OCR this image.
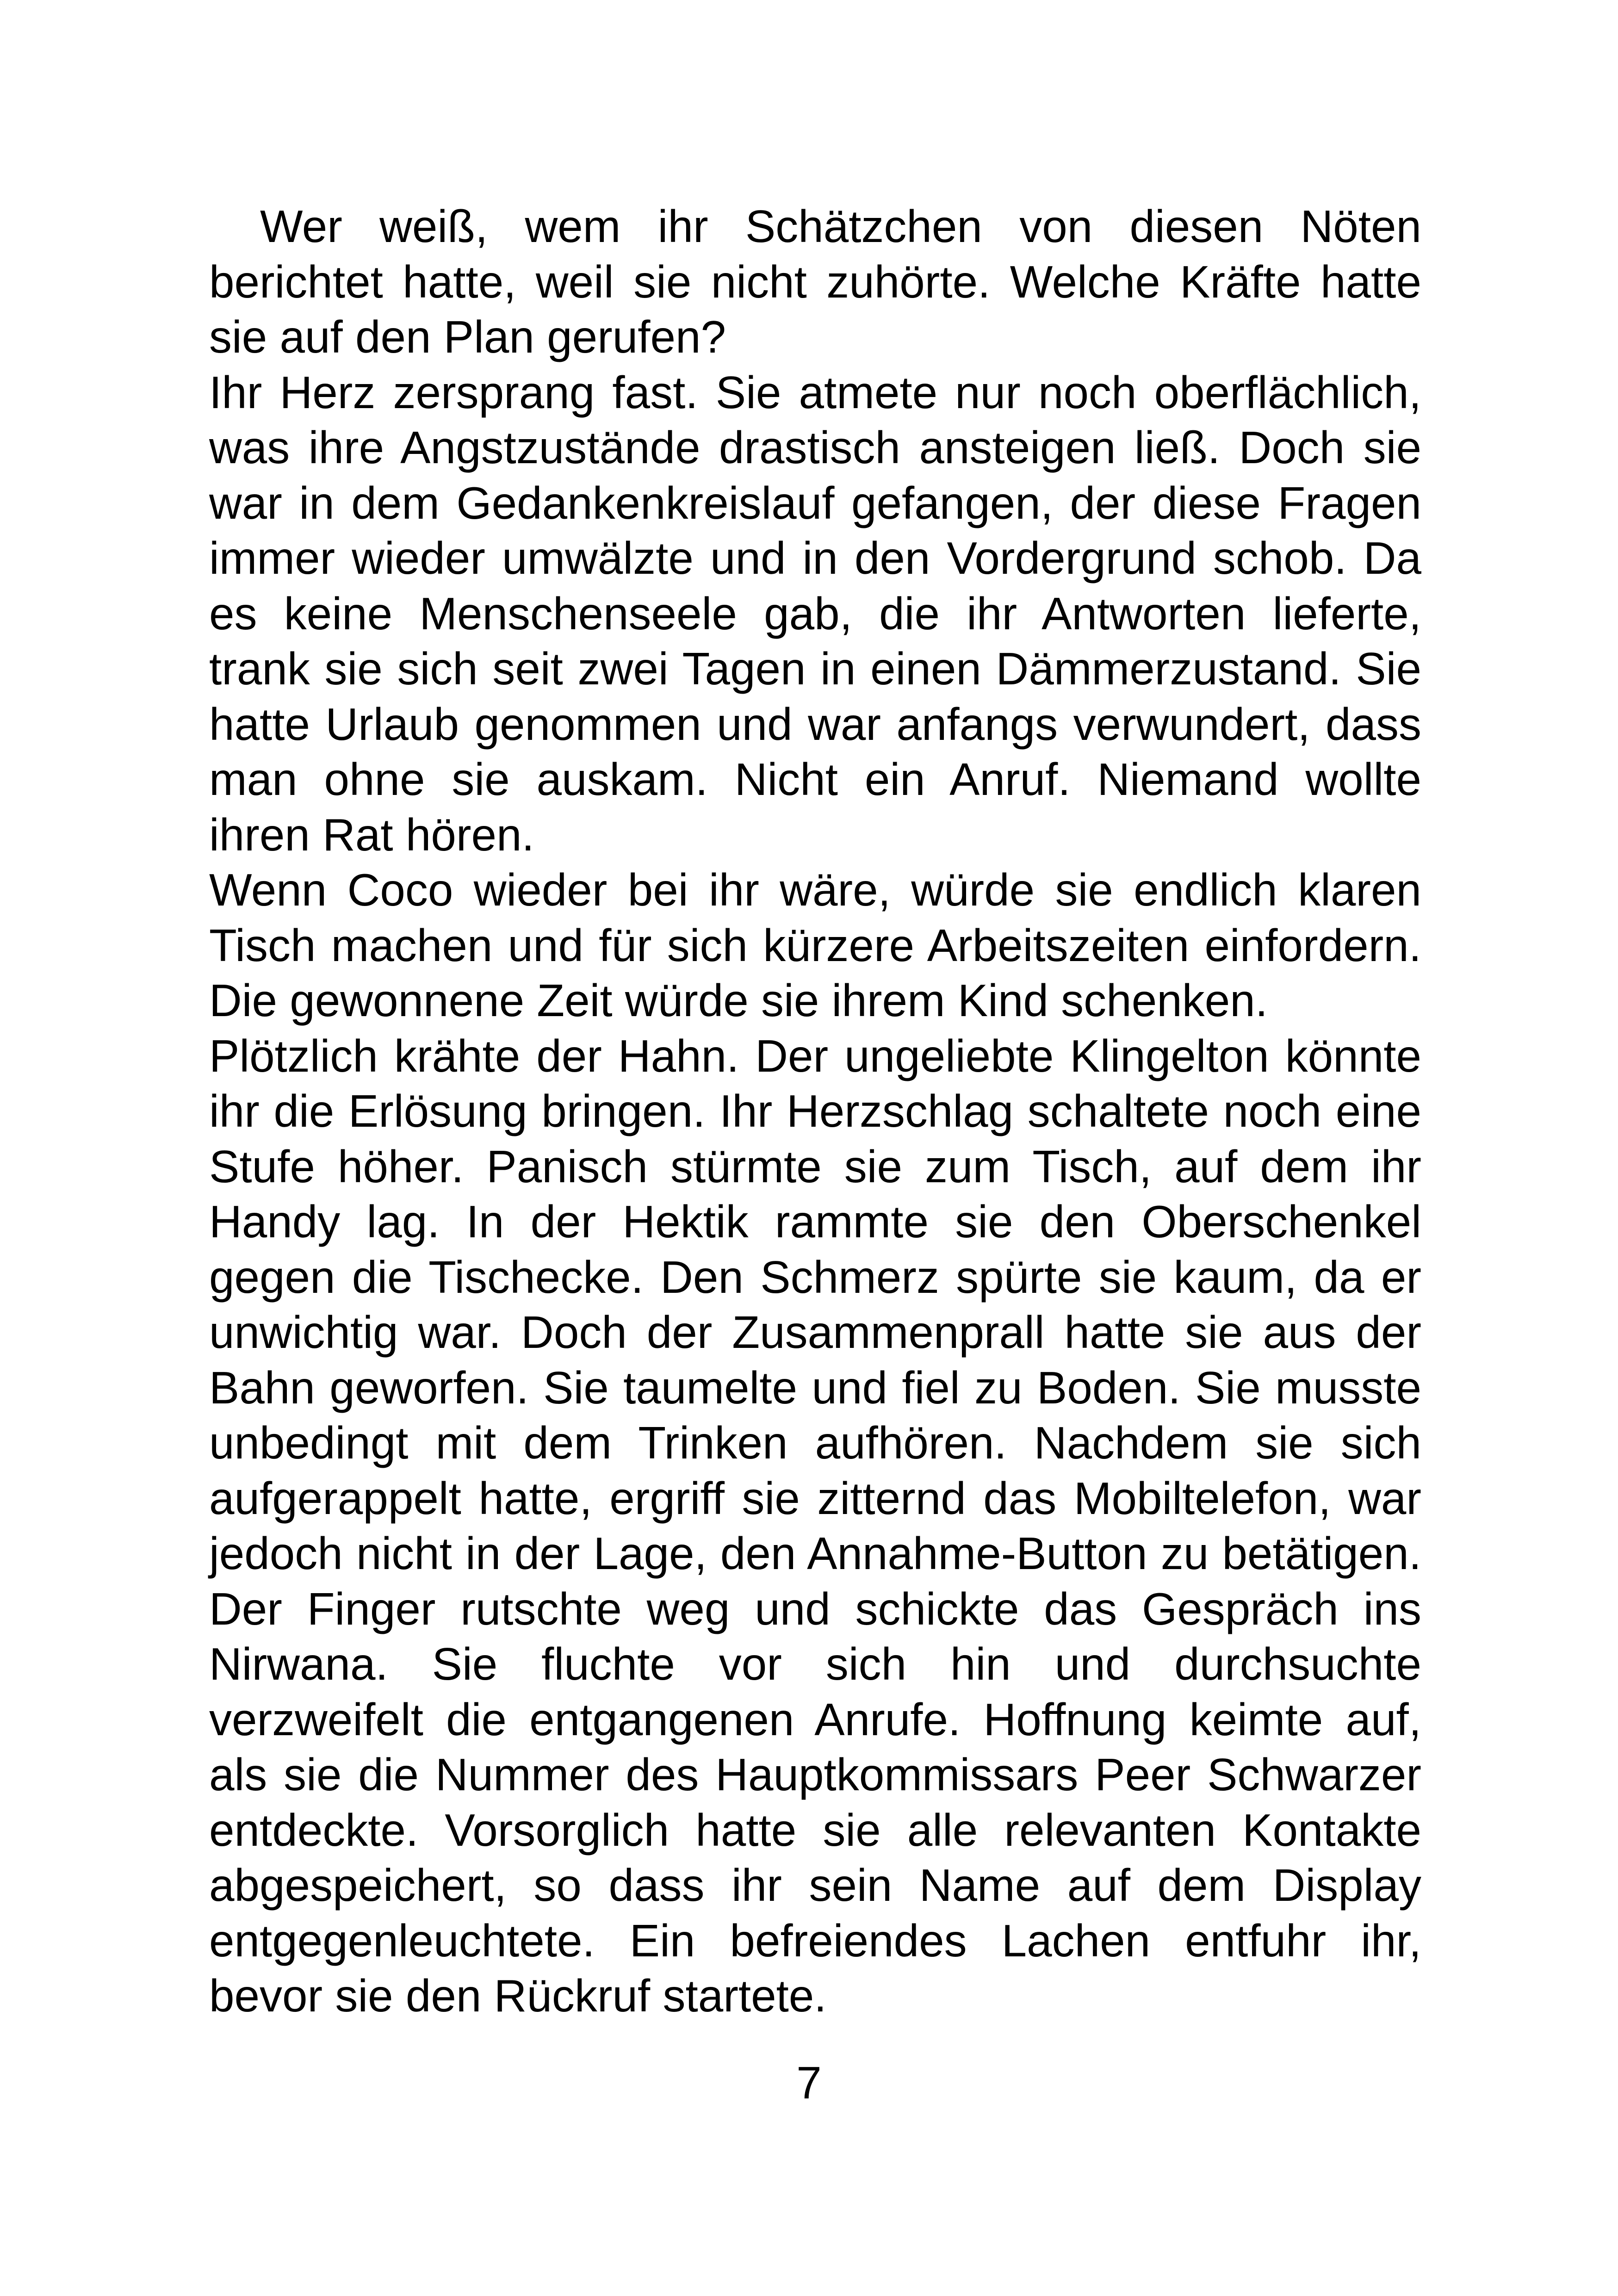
Wer weiß, wem ihr Schätzchen von diesen Nöten berichtet hatte, weil sie nicht zuhörte. Welche Kräfte hatte sie auf den Plan gerufen?

Ihr Herz zersprang fast. Sie atmete nur noch oberflächlich, was ihre Angstzustände drastisch ansteigen ließ. Doch sie war in dem Gedankenkreislauf gefangen, der diese Fragen immer wieder umwälzte und in den Vordergrund schob. Da es keine Menschenseele gab, die ihr Antworten lieferte, trank sie sich seit zwei Tagen in einen Dämmerzustand. Sie hatte Urlaub genommen und war anfangs verwundert, dass man ohne sie auskam. Nicht ein Anruf. Niemand wollte ihren Rat hören.

Wenn Coco wieder bei ihr wäre, würde sie endlich klaren Tisch machen und für sich kürzere Arbeitszeiten einfordern. Die gewonnene Zeit würde sie ihrem Kind schenken.

Plötzlich krähte der Hahn. Der ungeliebte Klingelton könnte ihr die Erlösung bringen. Ihr Herzschlag schaltete noch eine Stufe höher. Panisch stürmte sie zum Tisch, auf dem ihr Handy lag. In der Hektik rammte sie den Oberschenkel gegen die Tischecke. Den Schmerz spürte sie kaum, da er unwichtig war. Doch der Zusammenprall hatte sie aus der Bahn geworfen. Sie taumelte und fiel zu Boden. Sie musste unbedingt mit dem Trinken aufhören. Nachdem sie sich aufgerappelt hatte, ergriff sie zitternd das Mobiltelefon, war jedoch nicht in der Lage, den Annahme-Button zu betätigen. Der Finger rutschte weg und schickte das Gespräch ins Nirwana. Sie fluchte vor sich hin und durchsuchte verzweifelt die entgangenen Anrufe. Hoffnung keimte auf, als sie die Nummer des Hauptkommissars Peer Schwarzer entdeckte. Vorsorglich hatte sie alle relevanten Kontakte abgespeichert, so dass ihr sein Name auf dem Display entgegenleuchtete. Ein befreiendes Lachen entfuhr ihr, bevor sie den Rückruf startete.

7
